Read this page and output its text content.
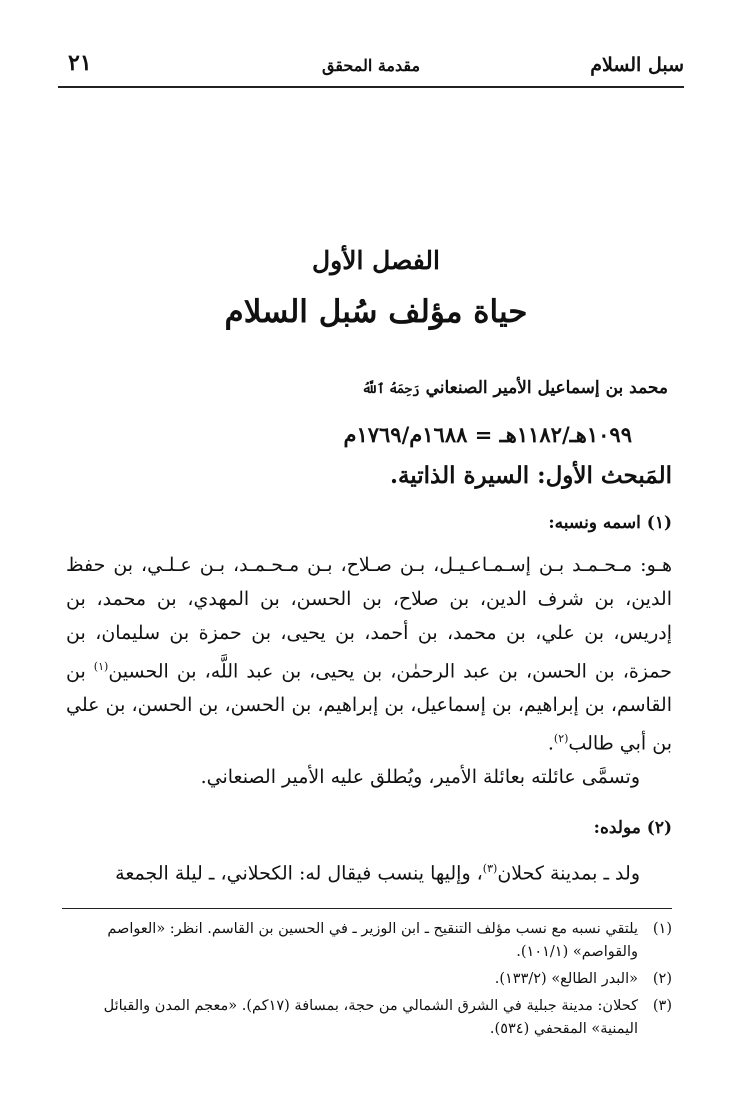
سبل السلام
مقدمة المحقق
٢١
الفصل الأول
حياة مؤلف سُبل السلام
محمد بن إسماعيل الأمير الصنعاني رَحِمَهُ ٱللَّهُ
١٠٩٩هـ/١١٨٢هـ = ١٦٨٨م/١٧٦٩م
المَبحث الأول: السيرة الذاتية.
(١) اسمه ونسبه:
هـو: مـحـمـد بـن إسـمـاعـيـل، بـن صـلاح، بـن مـحـمـد، بـن عـلـي، بن حفظ الدين، بن شرف الدين، بن صلاح، بن الحسن، بن المهدي، بن محمد، بن إدريس، بن علي، بن محمد، بن أحمد، بن يحيى، بن حمزة بن سليمان، بن حمزة، بن الحسن، بن عبد الرحمٰن، بن يحيى، بن عبد اللَّه، بن الحسين$^{(١)}$ بن القاسم، بن إبراهيم، بن إسماعيل، بن إبراهيم، بن الحسن، بن الحسن، بن علي بن أبي طالب$^{(٢)}$.
وتسمَّى عائلته بعائلة الأمير، ويُطلق عليه الأمير الصنعاني.
(٢) مولده:
ولد ـ بمدينة كحلان$^{(٣)}$، وإليها ينسب فيقال له: الكحلاني، ـ ليلة الجمعة
(١)
يلتقي نسبه مع نسب مؤلف التنقيح ـ ابن الوزير ـ في الحسين بن القاسم. انظر: «العواصم والقواصم» (١٠١/١).
(٢)
«البدر الطالع» (١٣٣/٢).
(٣)
كحلان: مدينة جبلية في الشرق الشمالي من حجة، بمسافة (١٧كم). «معجم المدن والقبائل اليمنية» المقحفي (٥٣٤).
